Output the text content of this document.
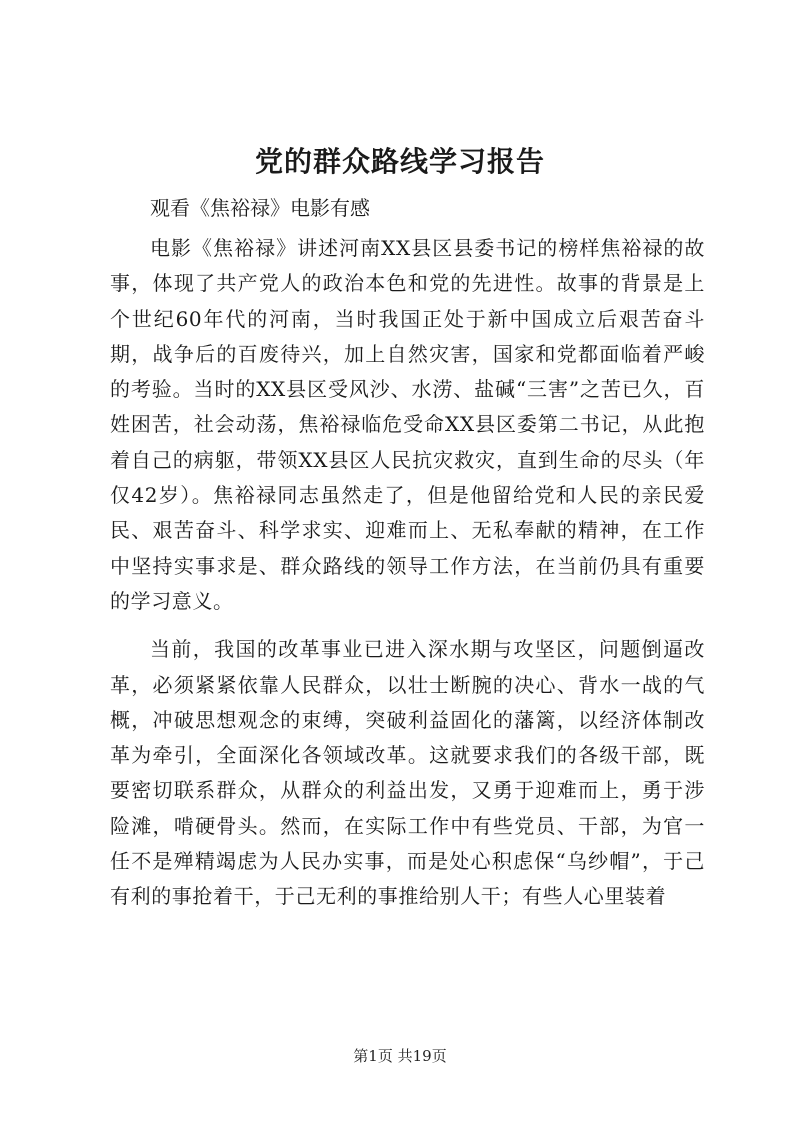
党的群众路线学习报告

观看《焦裕禄》电影有感

电影《焦裕禄》讲述河南XX县区县委书记的榜样焦裕禄的故事，体现了共产党人的政治本色和党的先进性。故事的背景是上个世纪60年代的河南，当时我国正处于新中国成立后艰苦奋斗期，战争后的百废待兴，加上自然灾害，国家和党都面临着严峻的考验。当时的XX县区受风沙、水涝、盐碱“三害”之苦已久，百姓困苦，社会动荡，焦裕禄临危受命XX县区委第二书记，从此抱着自己的病躯，带领XX县区人民抗灾救灾，直到生命的尽头（年仅42岁）。焦裕禄同志虽然走了，但是他留给党和人民的亲民爱民、艰苦奋斗、科学求实、迎难而上、无私奉献的精神，在工作中坚持实事求是、群众路线的领导工作方法，在当前仍具有重要的学习意义。

当前，我国的改革事业已进入深水期与攻坚区，问题倒逼改革，必须紧紧依靠人民群众，以壮士断腕的决心、背水一战的气概，冲破思想观念的束缚，突破利益固化的藩篱，以经济体制改革为牵引，全面深化各领域改革。这就要求我们的各级干部，既要密切联系群众，从群众的利益出发，又勇于迎难而上，勇于涉险滩，啃硬骨头。然而，在实际工作中有些党员、干部，为官一任不是殚精竭虑为人民办实事，而是处心积虑保“乌纱帽”，于己有利的事抢着干，于己无利的事推给别人干；有些人心里装着

第1页 共19页
